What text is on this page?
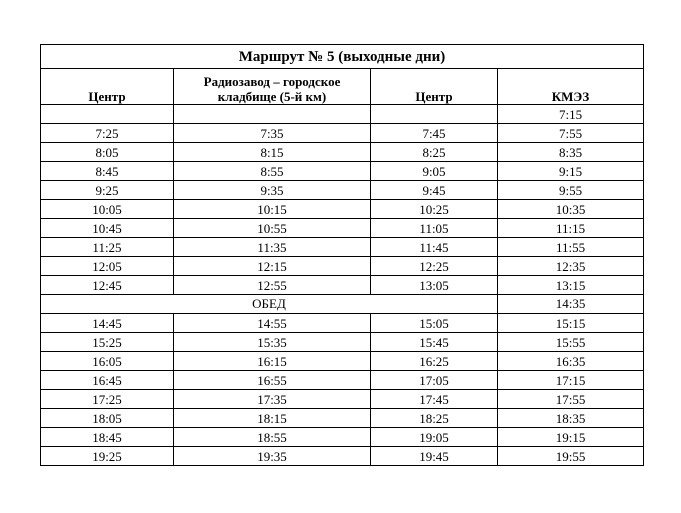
Маршрут № 5 (выходные дни)			
Центр	Радиозавод – городское кладбище (5-й км)	Центр	КМЭЗ
			7:15
7:25	7:35	7:45	7:55
8:05	8:15	8:25	8:35
8:45	8:55	9:05	9:15
9:25	9:35	9:45	9:55
10:05	10:15	10:25	10:35
10:45	10:55	11:05	11:15
11:25	11:35	11:45	11:55
12:05	12:15	12:25	12:35
12:45	12:55	13:05	13:15
ОБЕД			14:35
14:45	14:55	15:05	15:15
15:25	15:35	15:45	15:55
16:05	16:15	16:25	16:35
16:45	16:55	17:05	17:15
17:25	17:35	17:45	17:55
18:05	18:15	18:25	18:35
18:45	18:55	19:05	19:15
19:25	19:35	19:45	19:55
